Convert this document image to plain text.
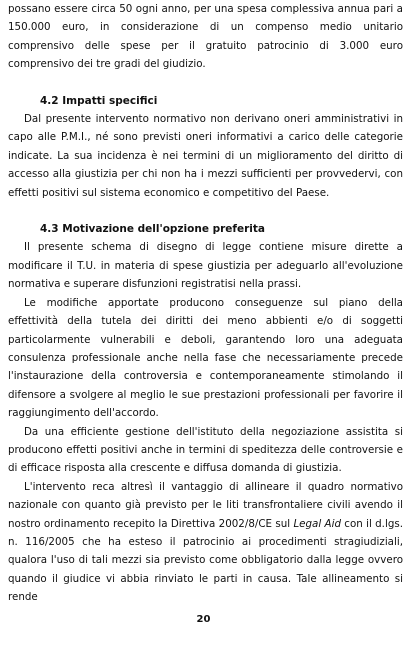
possano essere circa 50 ogni anno, per una spesa complessiva annua pari a 150.000 euro, in considerazione di un compenso medio unitario comprensivo delle spese per il gratuito patrocinio di 3.000 euro comprensivo dei tre gradi del giudizio.

4.2 Impatti specifici

Dal presente intervento normativo non derivano oneri amministrativi in capo alle P.M.I., né sono previsti oneri informativi a carico delle categorie indicate. La sua incidenza è nei termini di un miglioramento del diritto di accesso alla giustizia per chi non ha i mezzi sufficienti per provvedervi, con effetti positivi sul sistema economico e competitivo del Paese.

4.3 Motivazione dell'opzione preferita

Il presente schema di disegno di legge contiene misure dirette a modificare il T.U. in materia di spese giustizia per adeguarlo all'evoluzione normativa e superare disfunzioni registratisi nella prassi.

Le modifiche apportate producono conseguenze sul piano della effettività della tutela dei diritti dei meno abbienti e/o di soggetti particolarmente vulnerabili e deboli, garantendo loro una adeguata consulenza professionale anche nella fase che necessariamente precede l'instaurazione della controversia e contemporaneamente stimolando il difensore a svolgere al meglio le sue prestazioni professionali per favorire il raggiungimento dell'accordo.

Da una efficiente gestione dell'istituto della negoziazione assistita si producono effetti positivi anche in termini di speditezza delle controversie e di efficace risposta alla crescente e diffusa domanda di giustizia.

L'intervento reca altresì il vantaggio di allineare il quadro normativo nazionale con quanto già previsto per le liti transfrontaliere civili avendo il nostro ordinamento recepito la Direttiva 2002/8/CE sul Legal Aid con il d.lgs. n. 116/2005 che ha esteso il patrocinio ai procedimenti stragiudiziali, qualora l'uso di tali mezzi sia previsto come obbligatorio dalla legge ovvero quando il giudice vi abbia rinviato le parti in causa. Tale allineamento si rende

20
